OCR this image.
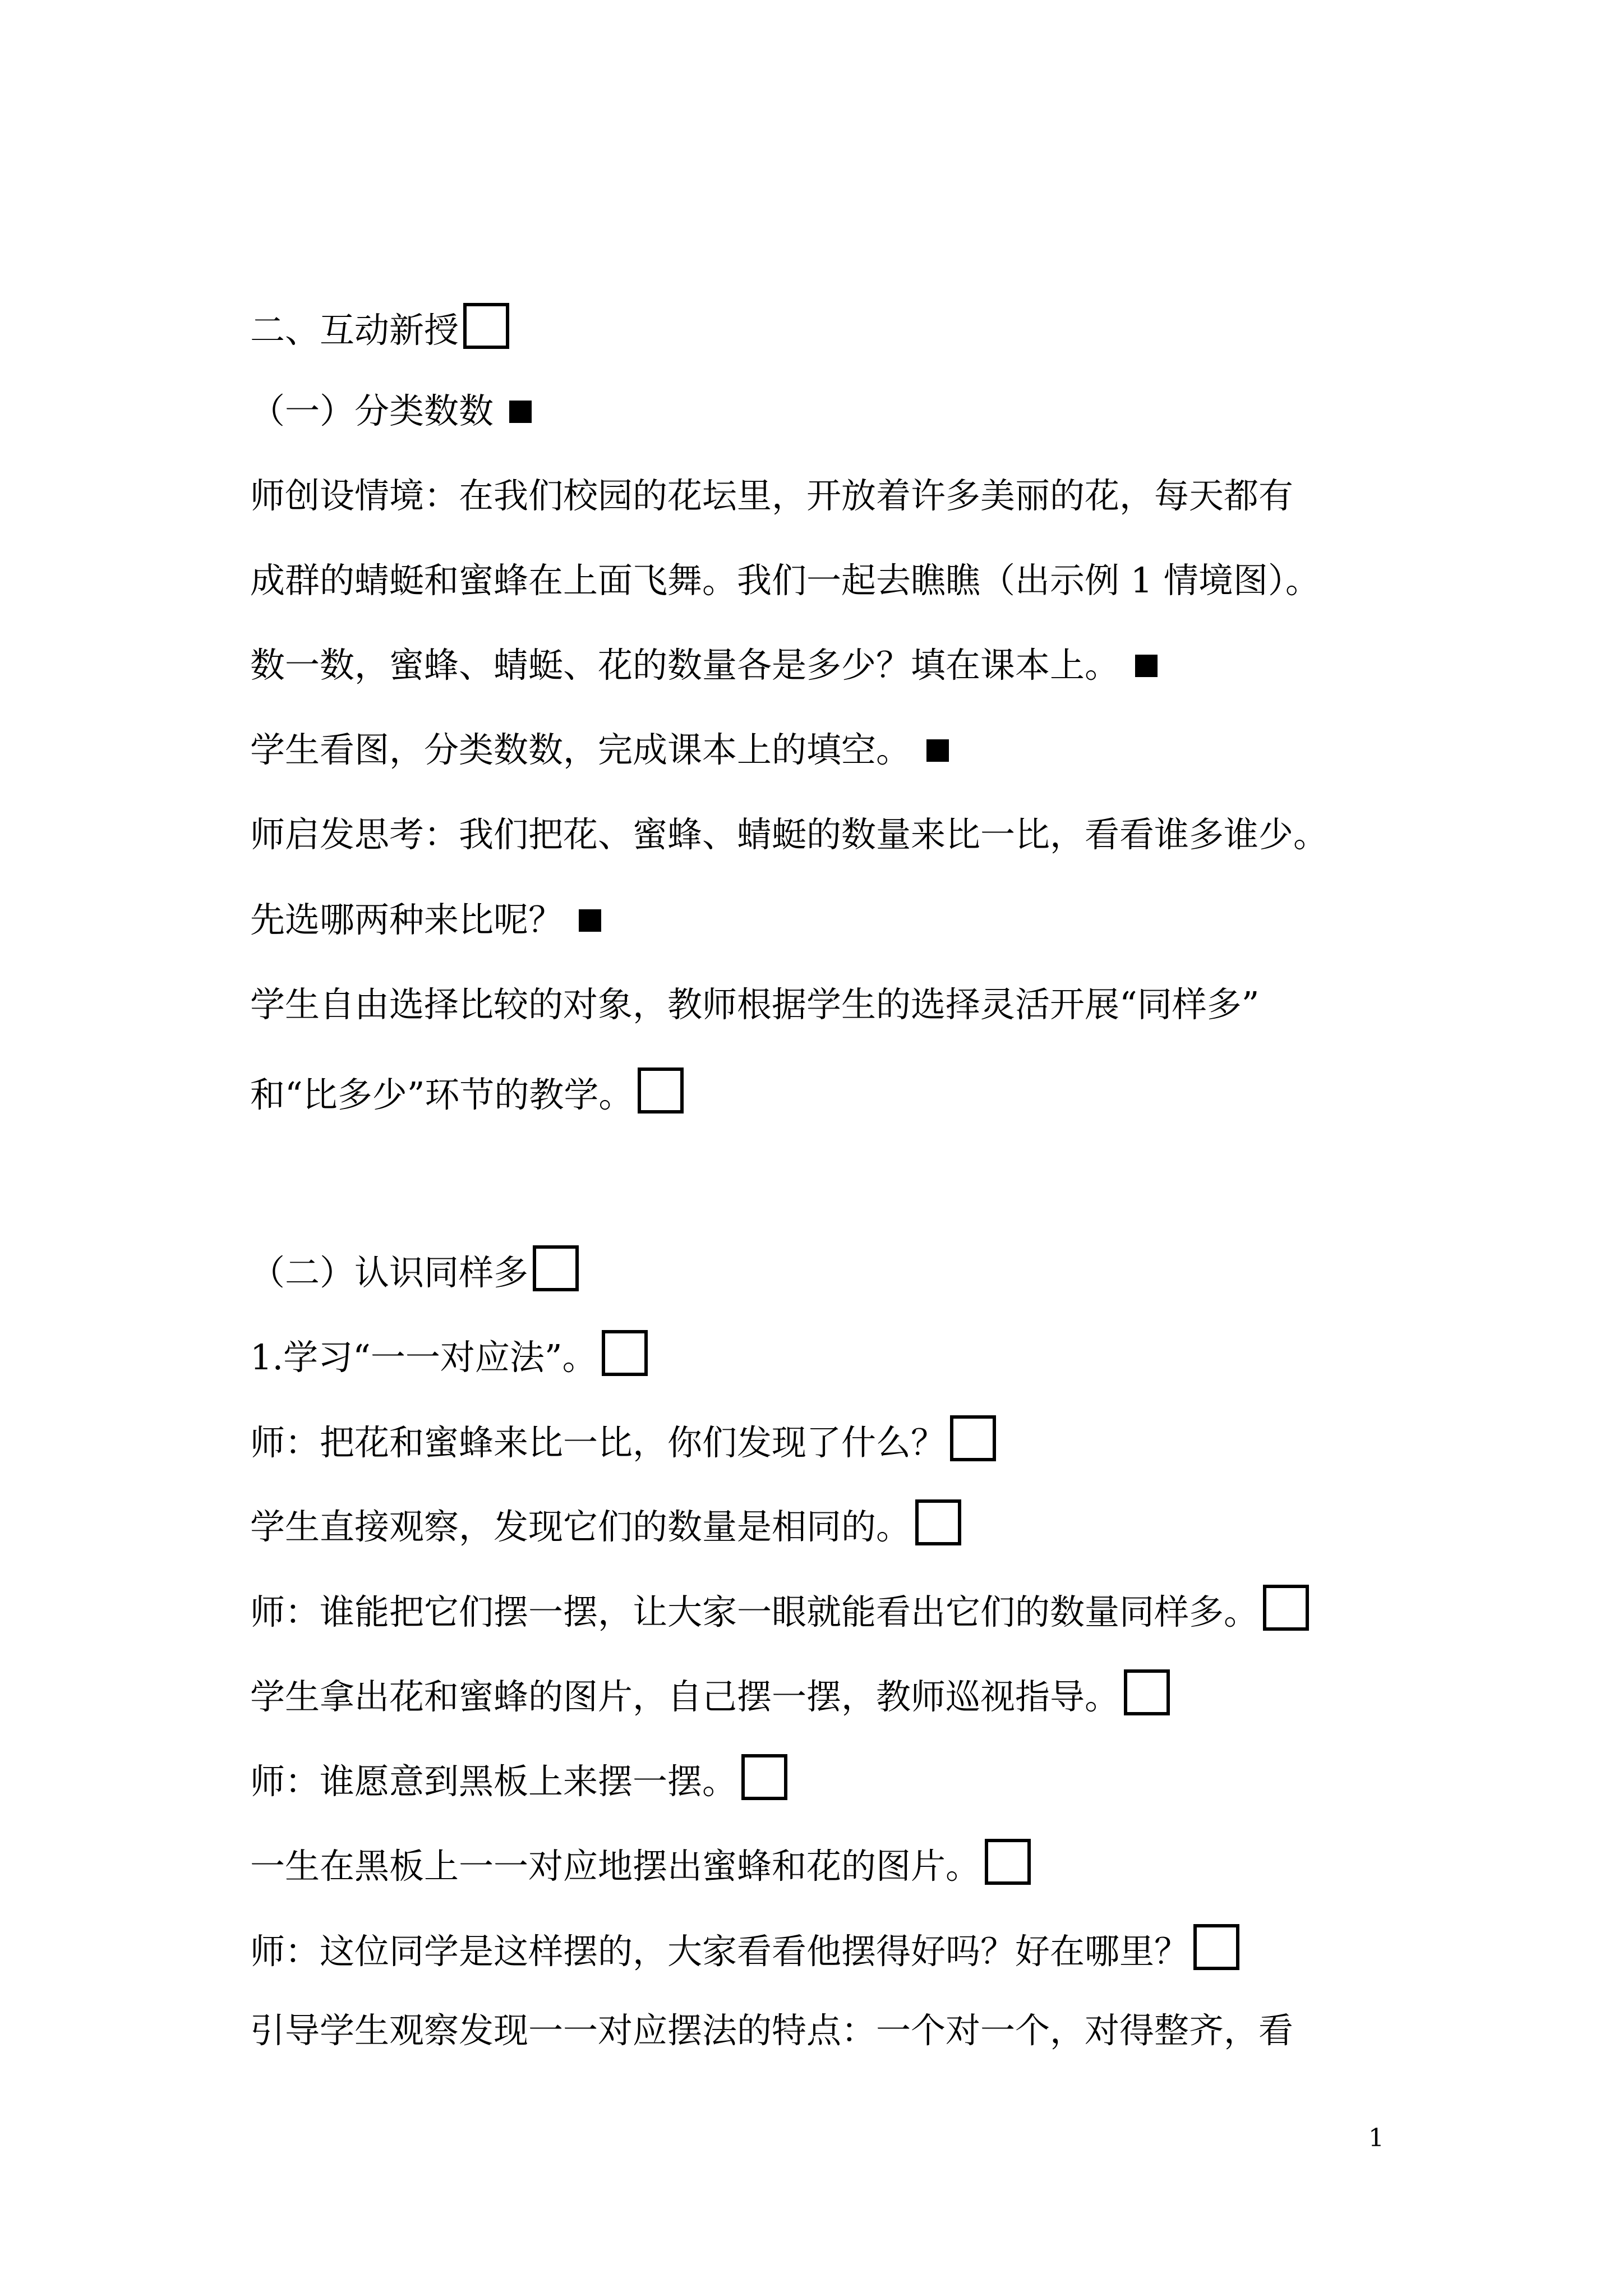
二、互动新授
（一）分类数数
师创设情境：在我们校园的花坛里，开放着许多美丽的花，每天都有
成群的蜻蜓和蜜蜂在上面飞舞。我们一起去瞧瞧（出示例 1 情境图）。
数一数，蜜蜂、蜻蜓、花的数量各是多少？填在课本上。
学生看图，分类数数，完成课本上的填空。
师启发思考：我们把花、蜜蜂、蜻蜓的数量来比一比，看看谁多谁少。
先选哪两种来比呢？
学生自由选择比较的对象，教师根据学生的选择灵活开展“同样多”
和“比多少”环节的教学。
（二）认识同样多
1.学习“一一对应法”。
师：把花和蜜蜂来比一比，你们发现了什么？
学生直接观察，发现它们的数量是相同的。
师：谁能把它们摆一摆，让大家一眼就能看出它们的数量同样多。
学生拿出花和蜜蜂的图片，自己摆一摆，教师巡视指导。
师：谁愿意到黑板上来摆一摆。
一生在黑板上一一对应地摆出蜜蜂和花的图片。
师：这位同学是这样摆的，大家看看他摆得好吗？好在哪里？
引导学生观察发现一一对应摆法的特点：一个对一个，对得整齐，看
1
